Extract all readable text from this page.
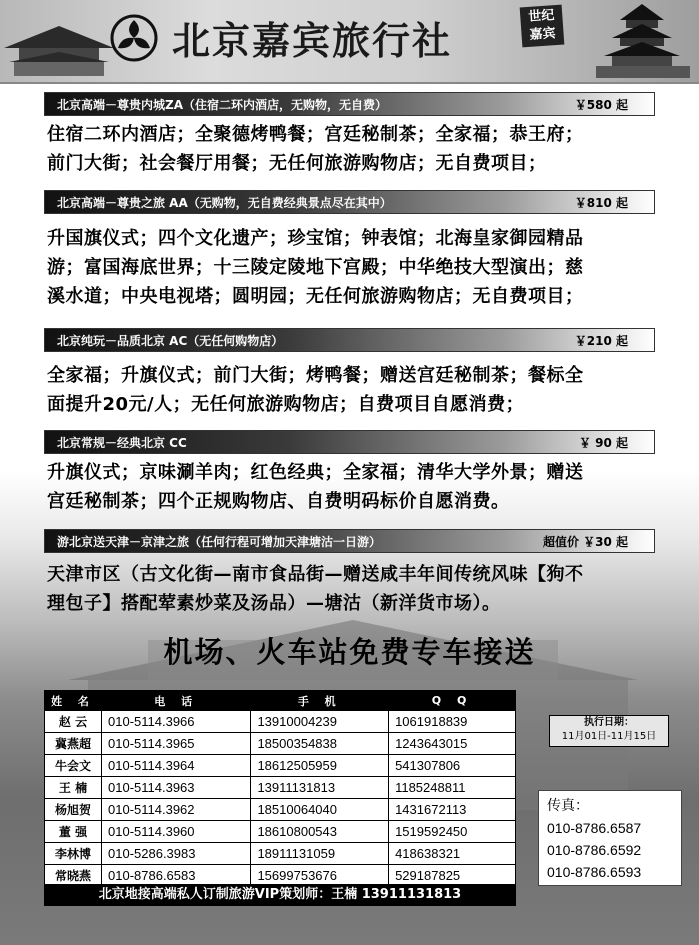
北京嘉宾旅行社
世纪
嘉宾
北京高端－尊贵内城ZA（住宿二环内酒店，无购物，无自费）	￥580 起
住宿二环内酒店；全聚德烤鸭餐；宫廷秘制茶；全家福；恭王府；
前门大街；社会餐厅用餐；无任何旅游购物店；无自费项目；
北京高端－尊贵之旅 AA（无购物，无自费经典景点尽在其中）	￥810 起
升国旗仪式；四个文化遗产；珍宝馆；钟表馆；北海皇家御园精品
游；富国海底世界；十三陵定陵地下宫殿；中华绝技大型演出；慈
溪水道；中央电视塔；圆明园；无任何旅游购物店；无自费项目；
北京纯玩－品质北京 AC（无任何购物店）	￥210 起
全家福；升旗仪式；前门大街；烤鸭餐；赠送宫廷秘制茶；餐标全
面提升20元/人；无任何旅游购物店；自费项目自愿消费；
北京常规－经典北京 CC	￥ 90 起
升旗仪式；京味涮羊肉；红色经典；全家福；清华大学外景；赠送
宫廷秘制茶；四个正规购物店、自费明码标价自愿消费。
游北京送天津－京津之旅（任何行程可增加天津塘沽一日游）	超值价 ￥30 起
天津市区（古文化街—南市食品街—赠送咸丰年间传统风味【狗不
理包子】搭配荤素炒菜及汤品）—塘沽（新洋货市场）。
机场、火车站免费专车接送
姓 名	电 话	手 机	Q Q
赵 云	010-5114.3966	13910004239	1061918839
冀燕超	010-5114.3965	18500354838	1243643015
牛会文	010-5114.3964	18612505959	541307806
王 楠	010-5114.3963	13911131813	1185248811
杨旭贺	010-5114.3962	18510064040	1431672113
董 强	010-5114.3960	18610800543	1519592450
李林博	010-5286.3983	18911131059	418638321
常晓燕	010-8786.6583	15699753676	529187825
北京地接高端私人订制旅游VIP策划师：王楠 13911131813
执行日期：
11月01日-11月15日
传真：
010-8786.6587
010-8786.6592
010-8786.6593
